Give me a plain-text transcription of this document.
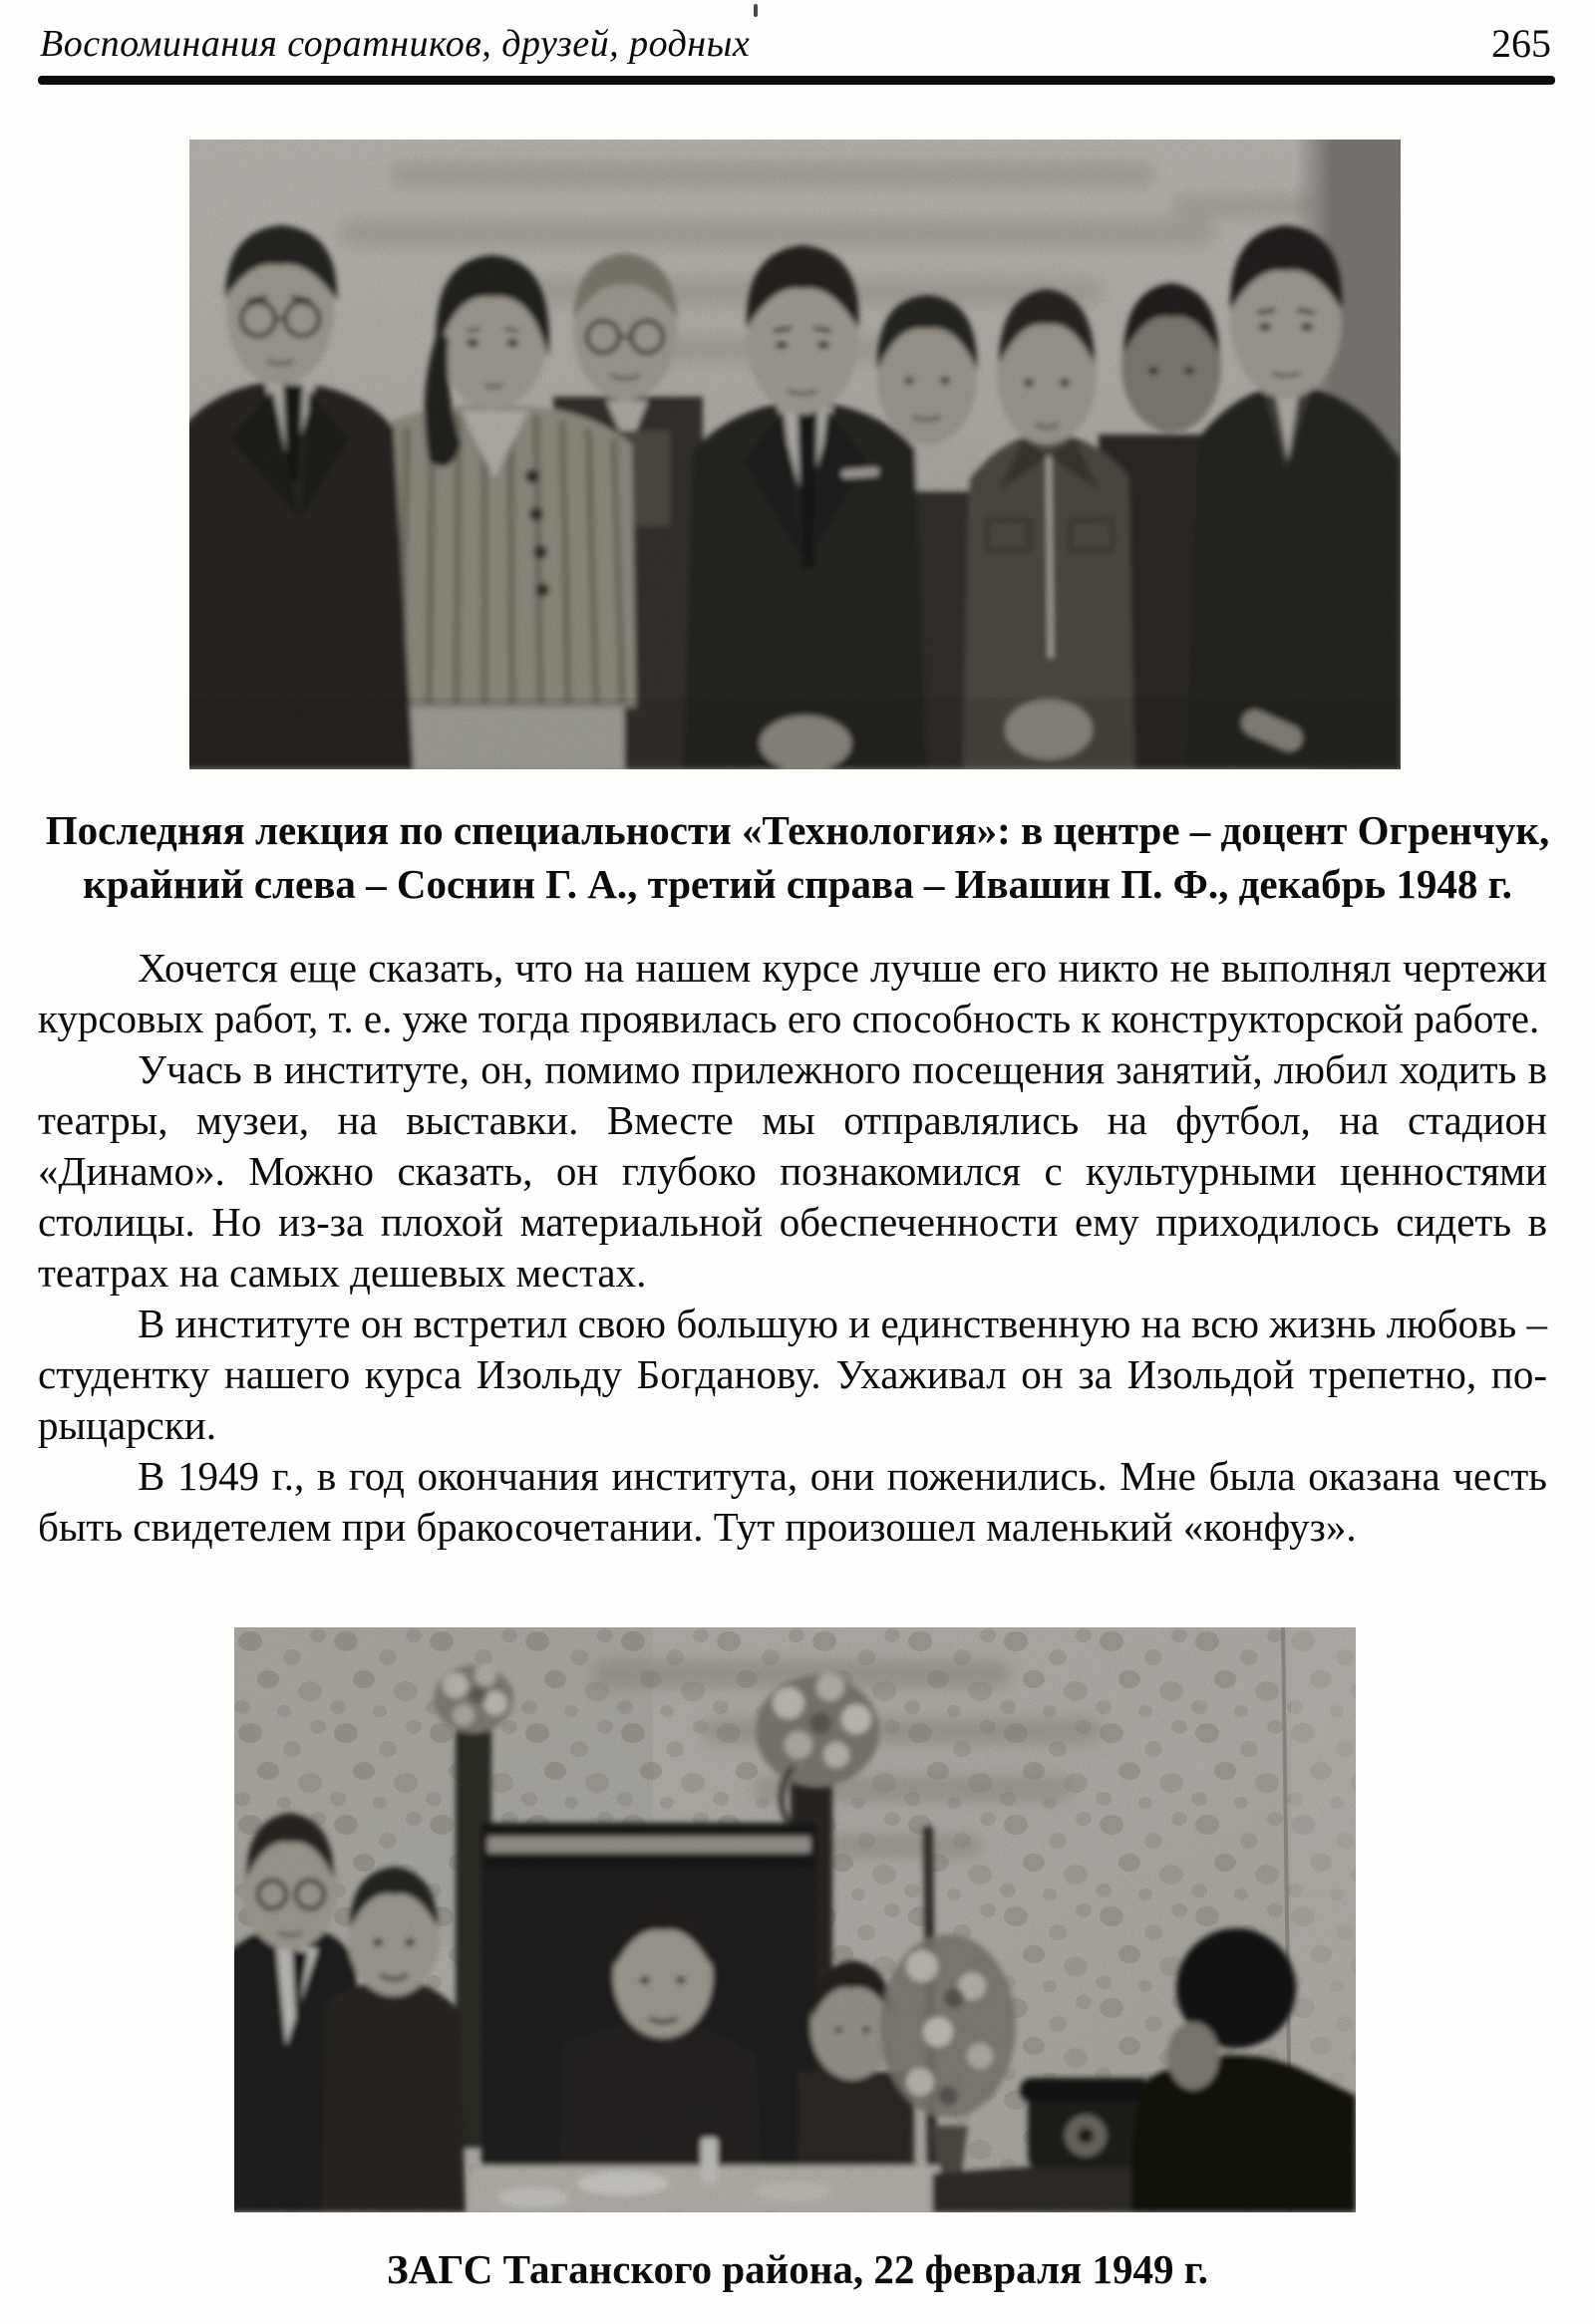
Воспоминания соратников, друзей, родных	265
Последняя лекция по специальности «Технология»: в центре – доцент Огренчук,
крайний слева – Соснин Г. А., третий справа – Ивашин П. Ф., декабрь 1948 г.

Хочется еще сказать, что на нашем курсе лучше его никто не выполнял чертежи курсовых работ, т. е. уже тогда проявилась его способность к конструкторской работе.

Учась в институте, он, помимо прилежного посещения занятий, любил ходить в театры, музеи, на выставки. Вместе мы отправлялись на футбол, на стадион «Динамо». Можно сказать, он глубоко познакомился с культурными ценностями столицы. Но из-за плохой материальной обеспеченности ему приходилось сидеть в театрах на самых дешевых местах.

В институте он встретил свою большую и единственную на всю жизнь любовь – студентку нашего курса Изольду Богданову. Ухаживал он за Изольдой трепетно, по-рыцарски.

В 1949 г., в год окончания института, они поженились. Мне была оказана честь быть свидетелем при бракосочетании. Тут произошел маленький «конфуз».

ЗАГС Таганского района, 22 февраля 1949 г.
